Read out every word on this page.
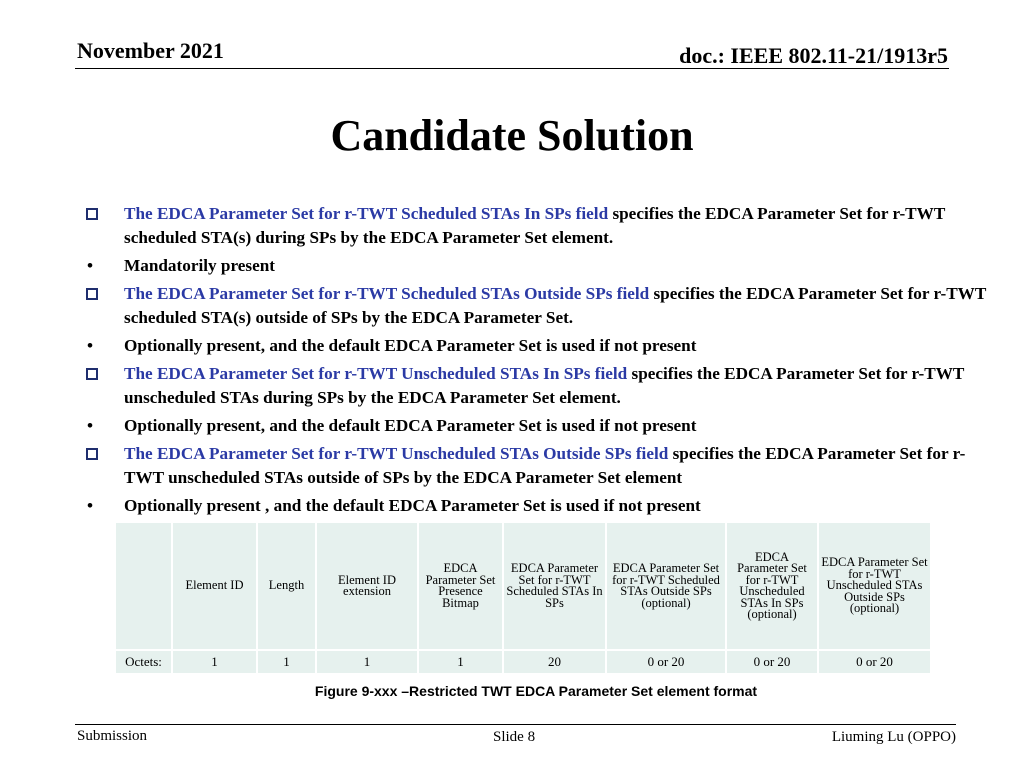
November 2021	doc.: IEEE 802.11-21/1913r5
Candidate Solution
The EDCA Parameter Set for r-TWT Scheduled STAs In SPs field specifies the EDCA Parameter Set for r-TWT scheduled STA(s) during SPs by the EDCA Parameter Set element.
•	Mandatorily present
The EDCA Parameter Set for r-TWT Scheduled STAs Outside SPs field specifies the EDCA Parameter Set for r-TWT scheduled STA(s) outside of SPs by the EDCA Parameter Set.
•	Optionally present, and the default EDCA Parameter Set is used if not present
The EDCA Parameter Set for r-TWT Unscheduled STAs In SPs field specifies the EDCA Parameter Set for r-TWT unscheduled STAs during SPs by the EDCA Parameter Set element.
•	Optionally present, and the default EDCA Parameter Set is used if not present
The EDCA Parameter Set for r-TWT Unscheduled STAs Outside SPs field specifies the EDCA Parameter Set for r-TWT unscheduled STAs outside of SPs by the EDCA Parameter Set element
•	Optionally present , and the default EDCA Parameter Set is used if not present
	Element ID	Length	Element ID extension	EDCA Parameter Set Presence Bitmap	EDCA Parameter Set for r-TWT Scheduled STAs In SPs	EDCA Parameter Set for r-TWT Scheduled STAs Outside SPs (optional)	EDCA Parameter Set for r-TWT Unscheduled STAs In SPs (optional)	EDCA Parameter Set for r-TWT Unscheduled STAs Outside SPs (optional)
Octets:	1	1	1	1	20	0 or 20	0 or 20	0 or 20
Figure 9-xxx –Restricted TWT EDCA Parameter Set element format
Submission	Slide 8	Liuming Lu (OPPO)
